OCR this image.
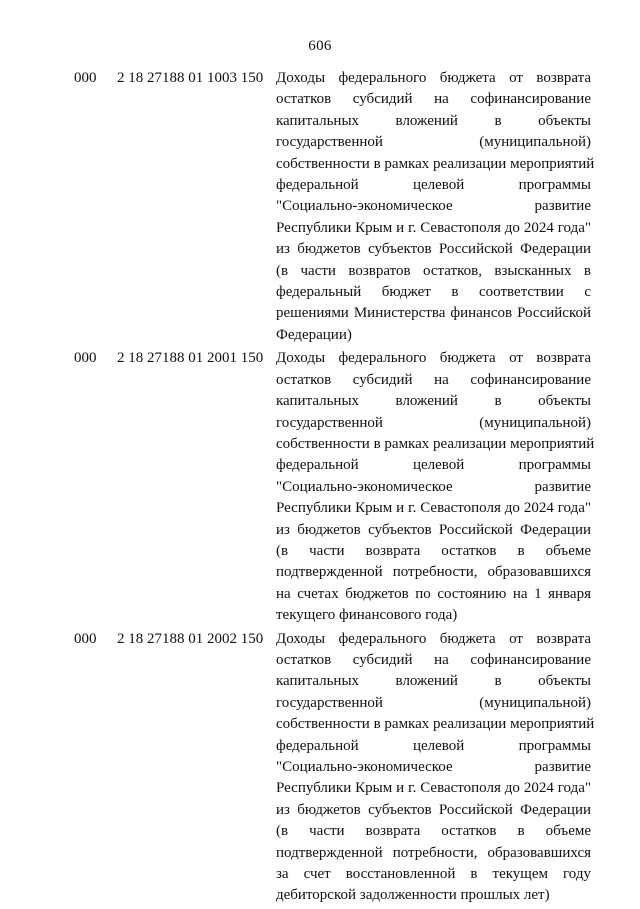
606
000 2 18 27188 01 1003 150 Доходы федерального бюджета от возврата
остатков субсидий на софинансирование
капитальных вложений в объекты
государственной (муниципальной)
собственности в рамках реализации мероприятий
федеральной целевой программы
"Социально-экономическое развитие
Республики Крым и г. Севастополя до 2024 года"
из бюджетов субъектов Российской Федерации
(в части возвратов остатков, взысканных в
федеральный бюджет в соответствии с
решениями Министерства финансов Российской
Федерации)
000 2 18 27188 01 2001 150 Доходы федерального бюджета от возврата
остатков субсидий на софинансирование
капитальных вложений в объекты
государственной (муниципальной)
собственности в рамках реализации мероприятий
федеральной целевой программы
"Социально-экономическое развитие
Республики Крым и г. Севастополя до 2024 года"
из бюджетов субъектов Российской Федерации
(в части возврата остатков в объеме
подтвержденной потребности, образовавшихся
на счетах бюджетов по состоянию на 1 января
текущего финансового года)
000 2 18 27188 01 2002 150 Доходы федерального бюджета от возврата
остатков субсидий на софинансирование
капитальных вложений в объекты
государственной (муниципальной)
собственности в рамках реализации мероприятий
федеральной целевой программы
"Социально-экономическое развитие
Республики Крым и г. Севастополя до 2024 года"
из бюджетов субъектов Российской Федерации
(в части возврата остатков в объеме
подтвержденной потребности, образовавшихся
за счет восстановленной в текущем году
дебиторской задолженности прошлых лет)
